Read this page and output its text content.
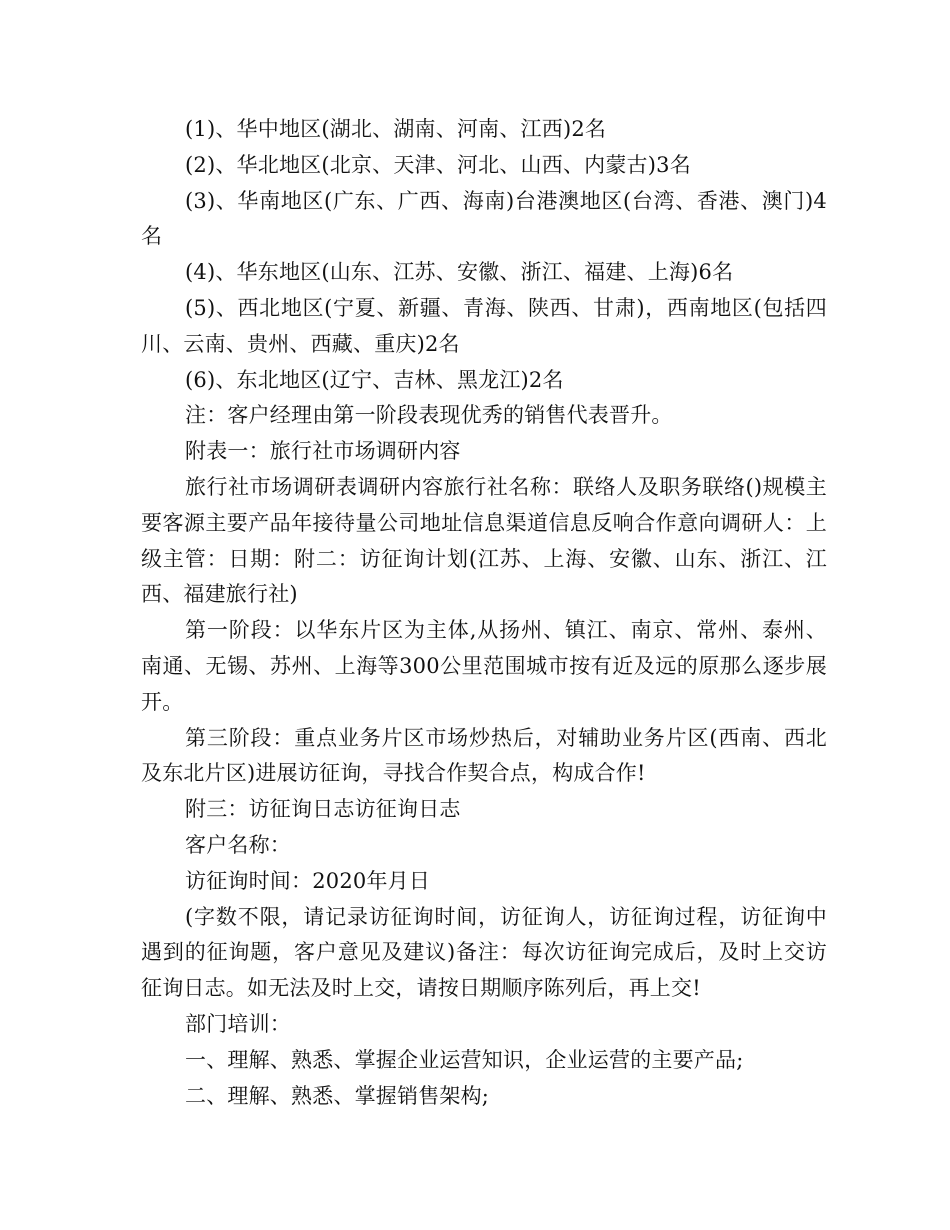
(1)、华中地区(湖北、湖南、河南、江西)2名

(2)、华北地区(北京、天津、河北、山西、内蒙古)3名

(3)、华南地区(广东、广西、海南)台港澳地区(台湾、香港、澳门)4名

(4)、华东地区(山东、江苏、安徽、浙江、福建、上海)6名

(5)、西北地区(宁夏、新疆、青海、陕西、甘肃)，西南地区(包括四川、云南、贵州、西藏、重庆)2名

(6)、东北地区(辽宁、吉林、黑龙江)2名

注：客户经理由第一阶段表现优秀的销售代表晋升。

附表一：旅行社市场调研内容

旅行社市场调研表调研内容旅行社名称：联络人及职务联络()规模主要客源主要产品年接待量公司地址信息渠道信息反响合作意向调研人：上级主管：日期：附二：访征询计划(江苏、上海、安徽、山东、浙江、江西、福建旅行社)

第一阶段：以华东片区为主体,从扬州、镇江、南京、常州、泰州、南通、无锡、苏州、上海等300公里范围城市按有近及远的原那么逐步展开。

第三阶段：重点业务片区市场炒热后，对辅助业务片区(西南、西北及东北片区)进展访征询，寻找合作契合点，构成合作!

附三：访征询日志访征询日志

客户名称：

访征询时间：2020年月日

(字数不限，请记录访征询时间，访征询人，访征询过程，访征询中遇到的征询题，客户意见及建议)备注：每次访征询完成后，及时上交访征询日志。如无法及时上交，请按日期顺序陈列后，再上交!

部门培训：

一、理解、熟悉、掌握企业运营知识，企业运营的主要产品;

二、理解、熟悉、掌握销售架构;
